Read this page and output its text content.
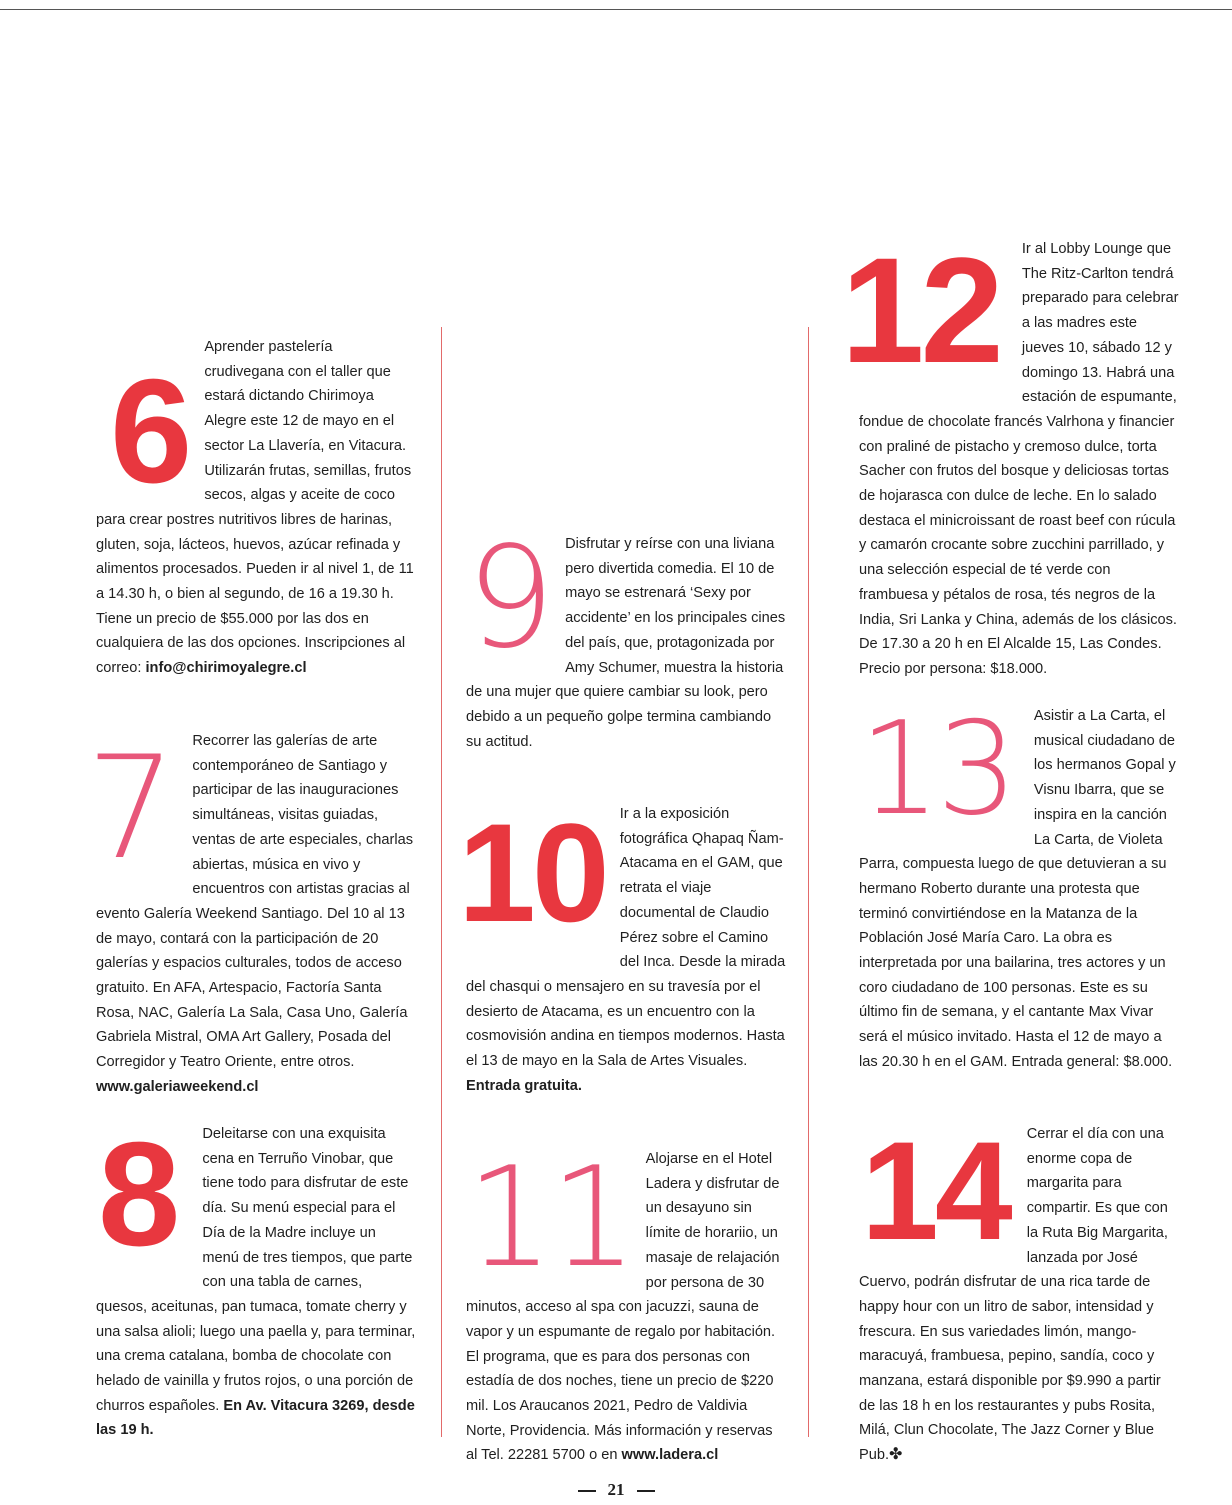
6
Aprender pastelería crudivegana con el taller que estará dictando Chirimoya Alegre este 12 de mayo en el sector La Llavería, en Vitacura. Utilizarán frutas, semillas, frutos secos, algas y aceite de coco para crear postres nutritivos libres de harinas, gluten, soja, lácteos, huevos, azúcar refinada y alimentos procesados. Pueden ir al nivel 1, de 11 a 14.30 h, o bien al segundo, de 16 a 19.30 h. Tiene un precio de $55.000 por las dos en cualquiera de las dos opciones. Inscripciones al correo: info@chirimoyalegre.cl

7 Recorrer las galerías de arte contemporáneo de Santiago y participar de las inauguraciones simultáneas, visitas guiadas, ventas de arte especiales, charlas abiertas, música en vivo y encuentros con artistas gracias al evento Galería Weekend Santiago. Del 10 al 13 de mayo, contará con la participación de 20 galerías y espacios culturales, todos de acceso gratuito. En AFA, Artespacio, Factoría Santa Rosa, NAC, Galería La Sala, Casa Uno, Galería Gabriela Mistral, OMA Art Gallery, Posada del Corregidor y Teatro Oriente, entre otros. www.galeriaweekend.cl

8 Deleitarse con una exquisita cena en Terruño Vinobar, que tiene todo para disfrutar de este día. Su menú especial para el Día de la Madre incluye un menú de tres tiempos, que parte con una tabla de carnes, quesos, aceitunas, pan tumaca, tomate cherry y una salsa alioli; luego una paella y, para terminar, una crema catalana, bomba de chocolate con helado de vainilla y frutos rojos, o una porción de churros españoles. En Av. Vitacura 3269, desde las 19 h.

9 Disfrutar y reírse con una liviana pero divertida comedia. El 10 de mayo se estrenará ‘Sexy por accidente’ en los principales cines del país, que, protagonizada por Amy Schumer, muestra la historia de una mujer que quiere cambiar su look, pero debido a un pequeño golpe termina cambiando su actitud.

10 Ir a la exposición fotográfica Qhapaq Ñam-Atacama en el GAM, que retrata el viaje documental de Claudio Pérez sobre el Camino del Inca. Desde la mirada del chasqui o mensajero en su travesía por el desierto de Atacama, es un encuentro con la cosmovisión andina en tiempos modernos. Hasta el 13 de mayo en la Sala de Artes Visuales. Entrada gratuita.

11 Alojarse en el Hotel Ladera y disfrutar de un desayuno sin límite de horariio, un masaje de relajación por persona de 30 minutos, acceso al spa con jacuzzi, sauna de vapor y un espumante de regalo por habitación. El programa, que es para dos personas con estadía de dos noches, tiene un precio de $220 mil. Los Araucanos 2021, Pedro de Valdivia Norte, Providencia. Más información y reservas al Tel. 22281 5700 o en www.ladera.cl

12 Ir al Lobby Lounge que The Ritz-Carlton tendrá preparado para celebrar a las madres este jueves 10, sábado 12 y domingo 13. Habrá una estación de espumante, fondue de chocolate francés Valrhona y financier con praliné de pistacho y cremoso dulce, torta Sacher con frutos del bosque y deliciosas tortas de hojarasca con dulce de leche. En lo salado destaca el minicroissant de roast beef con rúcula y camarón crocante sobre zucchini parrillado, y una selección especial de té verde con frambuesa y pétalos de rosa, tés negros de la India, Sri Lanka y China, además de los clásicos. De 17.30 a 20 h en El Alcalde 15, Las Condes. Precio por persona: $18.000.

13 Asistir a La Carta, el musical ciudadano de los hermanos Gopal y Visnu Ibarra, que se inspira en la canción La Carta, de Violeta Parra, compuesta luego de que detuvieran a su hermano Roberto durante una protesta que terminó convirtiéndose en la Matanza de la Población José María Caro. La obra es interpretada por una bailarina, tres actores y un coro ciudadano de 100 personas. Este es su último fin de semana, y el cantante Max Vivar será el músico invitado. Hasta el 12 de mayo a las 20.30 h en el GAM. Entrada general: $8.000.

14 Cerrar el día con una enorme copa de margarita para compartir. Es que con la Ruta Big Margarita, lanzada por José Cuervo, podrán disfrutar de una rica tarde de happy hour con un litro de sabor, intensidad y frescura. En sus variedades limón, mango-maracuyá, frambuesa, pepino, sandía, coco y manzana, estará disponible por $9.990 a partir de las 18 h en los restaurantes y pubs Rosita, Milá, Clun Chocolate, The Jazz Corner y Blue Pub.✤

21
